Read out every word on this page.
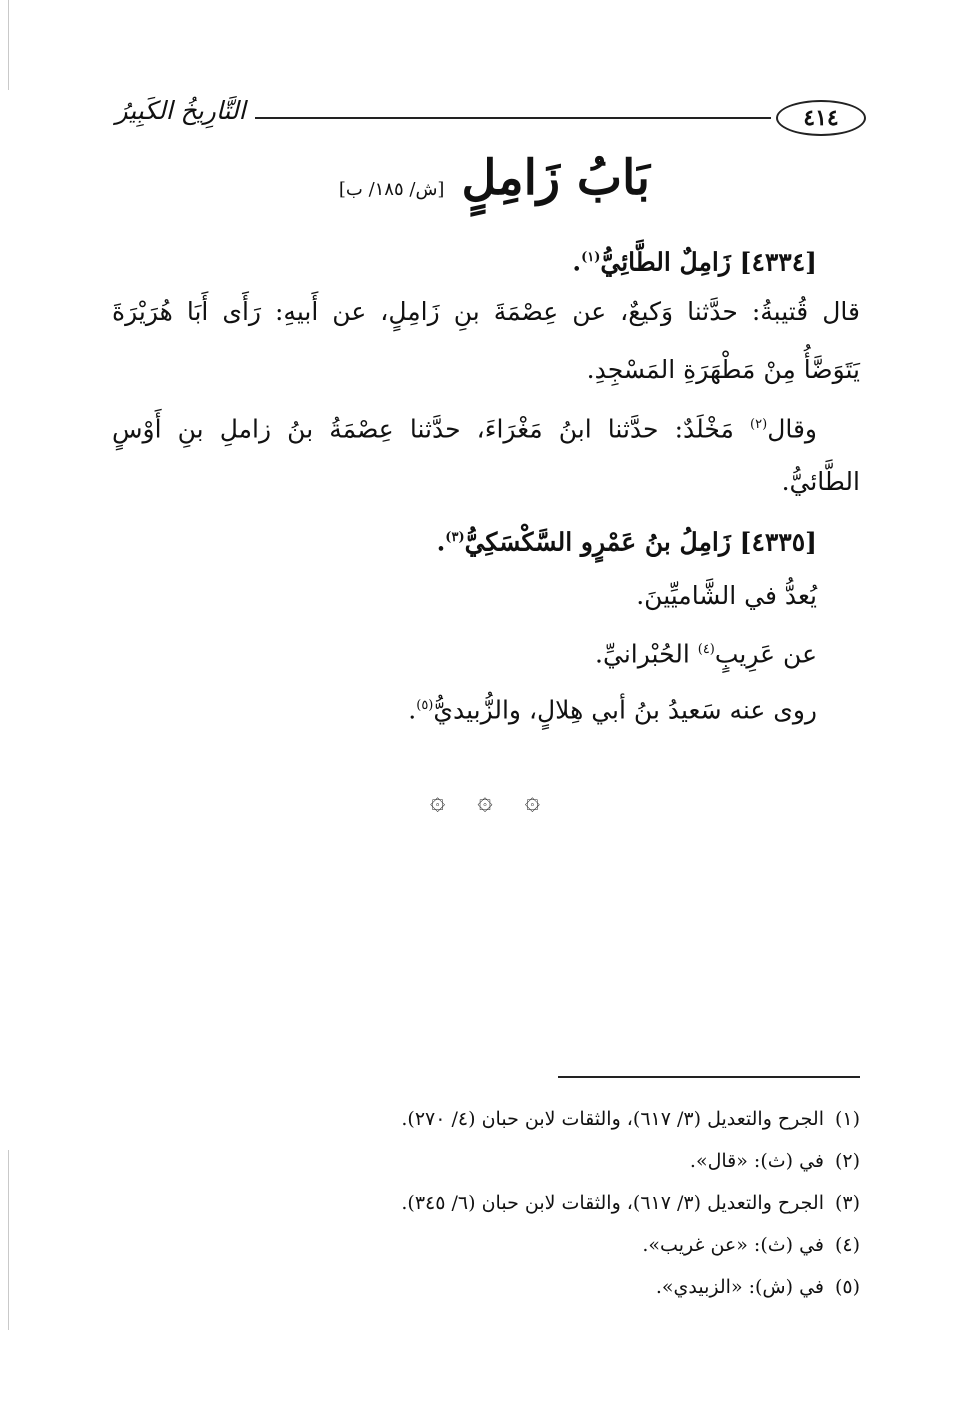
التَّارِيخُ الكَبِيرُ	٤١٤
بَابُ زَامِلٍ [ش/ ١٨٥/ ب]
[٤٣٣٤] زَامِلٌ الطَّائِيُّ$^{(١)}$.
قال قُتيبةُ: حدَّثنا وَكيعٌ، عن عِصْمَةَ بنِ زَامِلٍ، عن أَبيهِ: رَأَى أَبَا هُرَيْرَةَ
يَتَوَضَّأُ مِنْ مَطْهَرَةِ المَسْجِدِ.
وقال$^{(٢)}$ مَخْلَدٌ: حدَّثنا ابنُ مَغْرَاءَ، حدَّثنا عِصْمَةُ بنُ زاملِ بنِ أَوْسٍ
الطَّائيُّ.
[٤٣٣٥] زَامِلُ بنُ عَمْرٍو السَّكْسَكِيُّ$^{(٣)}$.
يُعدُّ في الشَّاميِّينَ.
عن عَرِيبٍ$^{(٤)}$ الحُبْرانيِّ.
روى عنه سَعيدُ بنُ أبي هِلالٍ، والزُّبيديُّ$^{(٥)}$.
۞ ۞ ۞
(١)الجرح والتعديل (٣/ ٦١٧)، والثقات لابن حبان (٤/ ٢٧٠).
(٢)في (ث): «قال».
(٣)الجرح والتعديل (٣/ ٦١٧)، والثقات لابن حبان (٦/ ٣٤٥).
(٤)في (ث): «عن غريب».
(٥)في (ش): «الزبيدي».
